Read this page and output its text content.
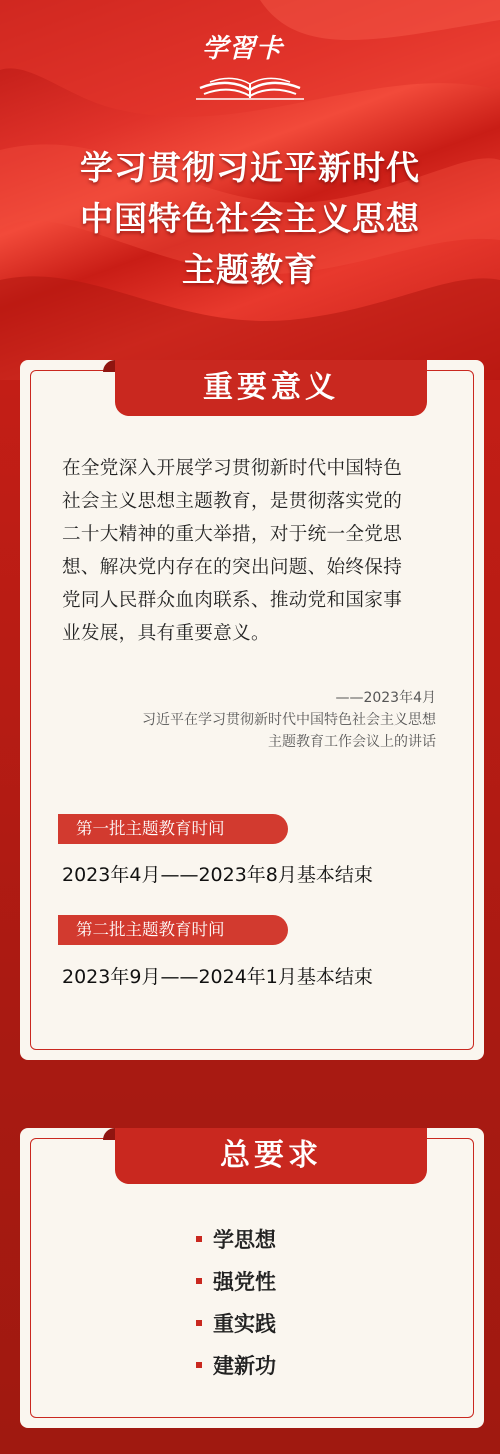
学習卡
学习贯彻习近平新时代
中国特色社会主义思想
主题教育
重要意义
在全党深入开展学习贯彻新时代中国特色
社会主义思想主题教育，是贯彻落实党的
二十大精神的重大举措，对于统一全党思
想、解决党内存在的突出问题、始终保持
党同人民群众血肉联系、推动党和国家事
业发展，具有重要意义。
——2023年4月
习近平在学习贯彻新时代中国特色社会主义思想
主题教育工作会议上的讲话
第一批主题教育时间
2023年4月——2023年8月基本结束
第二批主题教育时间
2023年9月——2024年1月基本结束
总要求
学思想
强党性
重实践
建新功
